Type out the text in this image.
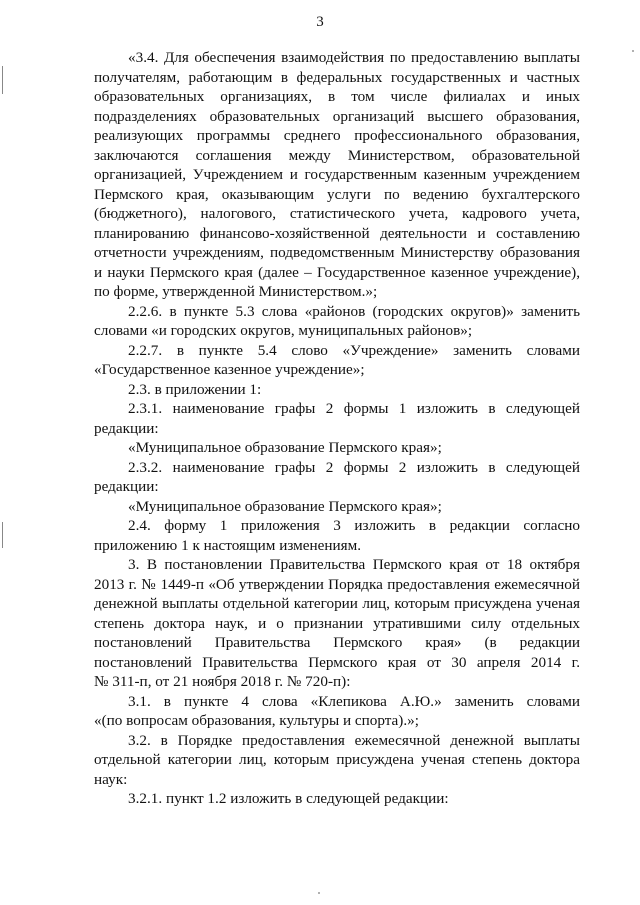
3
«3.4. Для обеспечения взаимодействия по предоставлению выплаты
получателям, работающим в федеральных государственных и частных
образовательных организациях, в том числе филиалах и иных
подразделениях образовательных организаций высшего образования,
реализующих программы среднего профессионального образования,
заключаются соглашения между Министерством, образовательной
организацией, Учреждением и государственным казенным учреждением
Пермского края, оказывающим услуги по ведению бухгалтерского
(бюджетного), налогового, статистического учета, кадрового учета,
планированию финансово-хозяйственной деятельности и составлению
отчетности учреждениям, подведомственным Министерству образования
и науки Пермского края (далее – Государственное казенное учреждение),
по форме, утвержденной Министерством.»;
2.2.6. в пункте 5.3 слова «районов (городских округов)» заменить
словами «и городских округов, муниципальных районов»;
2.2.7. в пункте 5.4 слово «Учреждение» заменить словами
«Государственное казенное учреждение»;
2.3. в приложении 1:
2.3.1. наименование графы 2 формы 1 изложить в следующей
редакции:
«Муниципальное образование Пермского края»;
2.3.2. наименование графы 2 формы 2 изложить в следующей
редакции:
«Муниципальное образование Пермского края»;
2.4. форму 1 приложения 3 изложить в редакции согласно
приложению 1 к настоящим изменениям.
3. В постановлении Правительства Пермского края от 18 октября
2013 г. № 1449-п «Об утверждении Порядка предоставления ежемесячной
денежной выплаты отдельной категории лиц, которым присуждена ученая
степень доктора наук, и о признании утратившими силу отдельных
постановлений Правительства Пермского края» (в редакции
постановлений Правительства Пермского края от 30 апреля 2014 г.
№ 311-п, от 21 ноября 2018 г. № 720-п):
3.1. в пункте 4 слова «Клепикова А.Ю.» заменить словами
«(по вопросам образования, культуры и спорта).»;
3.2. в Порядке предоставления ежемесячной денежной выплаты
отдельной категории лиц, которым присуждена ученая степень доктора
наук:
3.2.1. пункт 1.2 изложить в следующей редакции:
